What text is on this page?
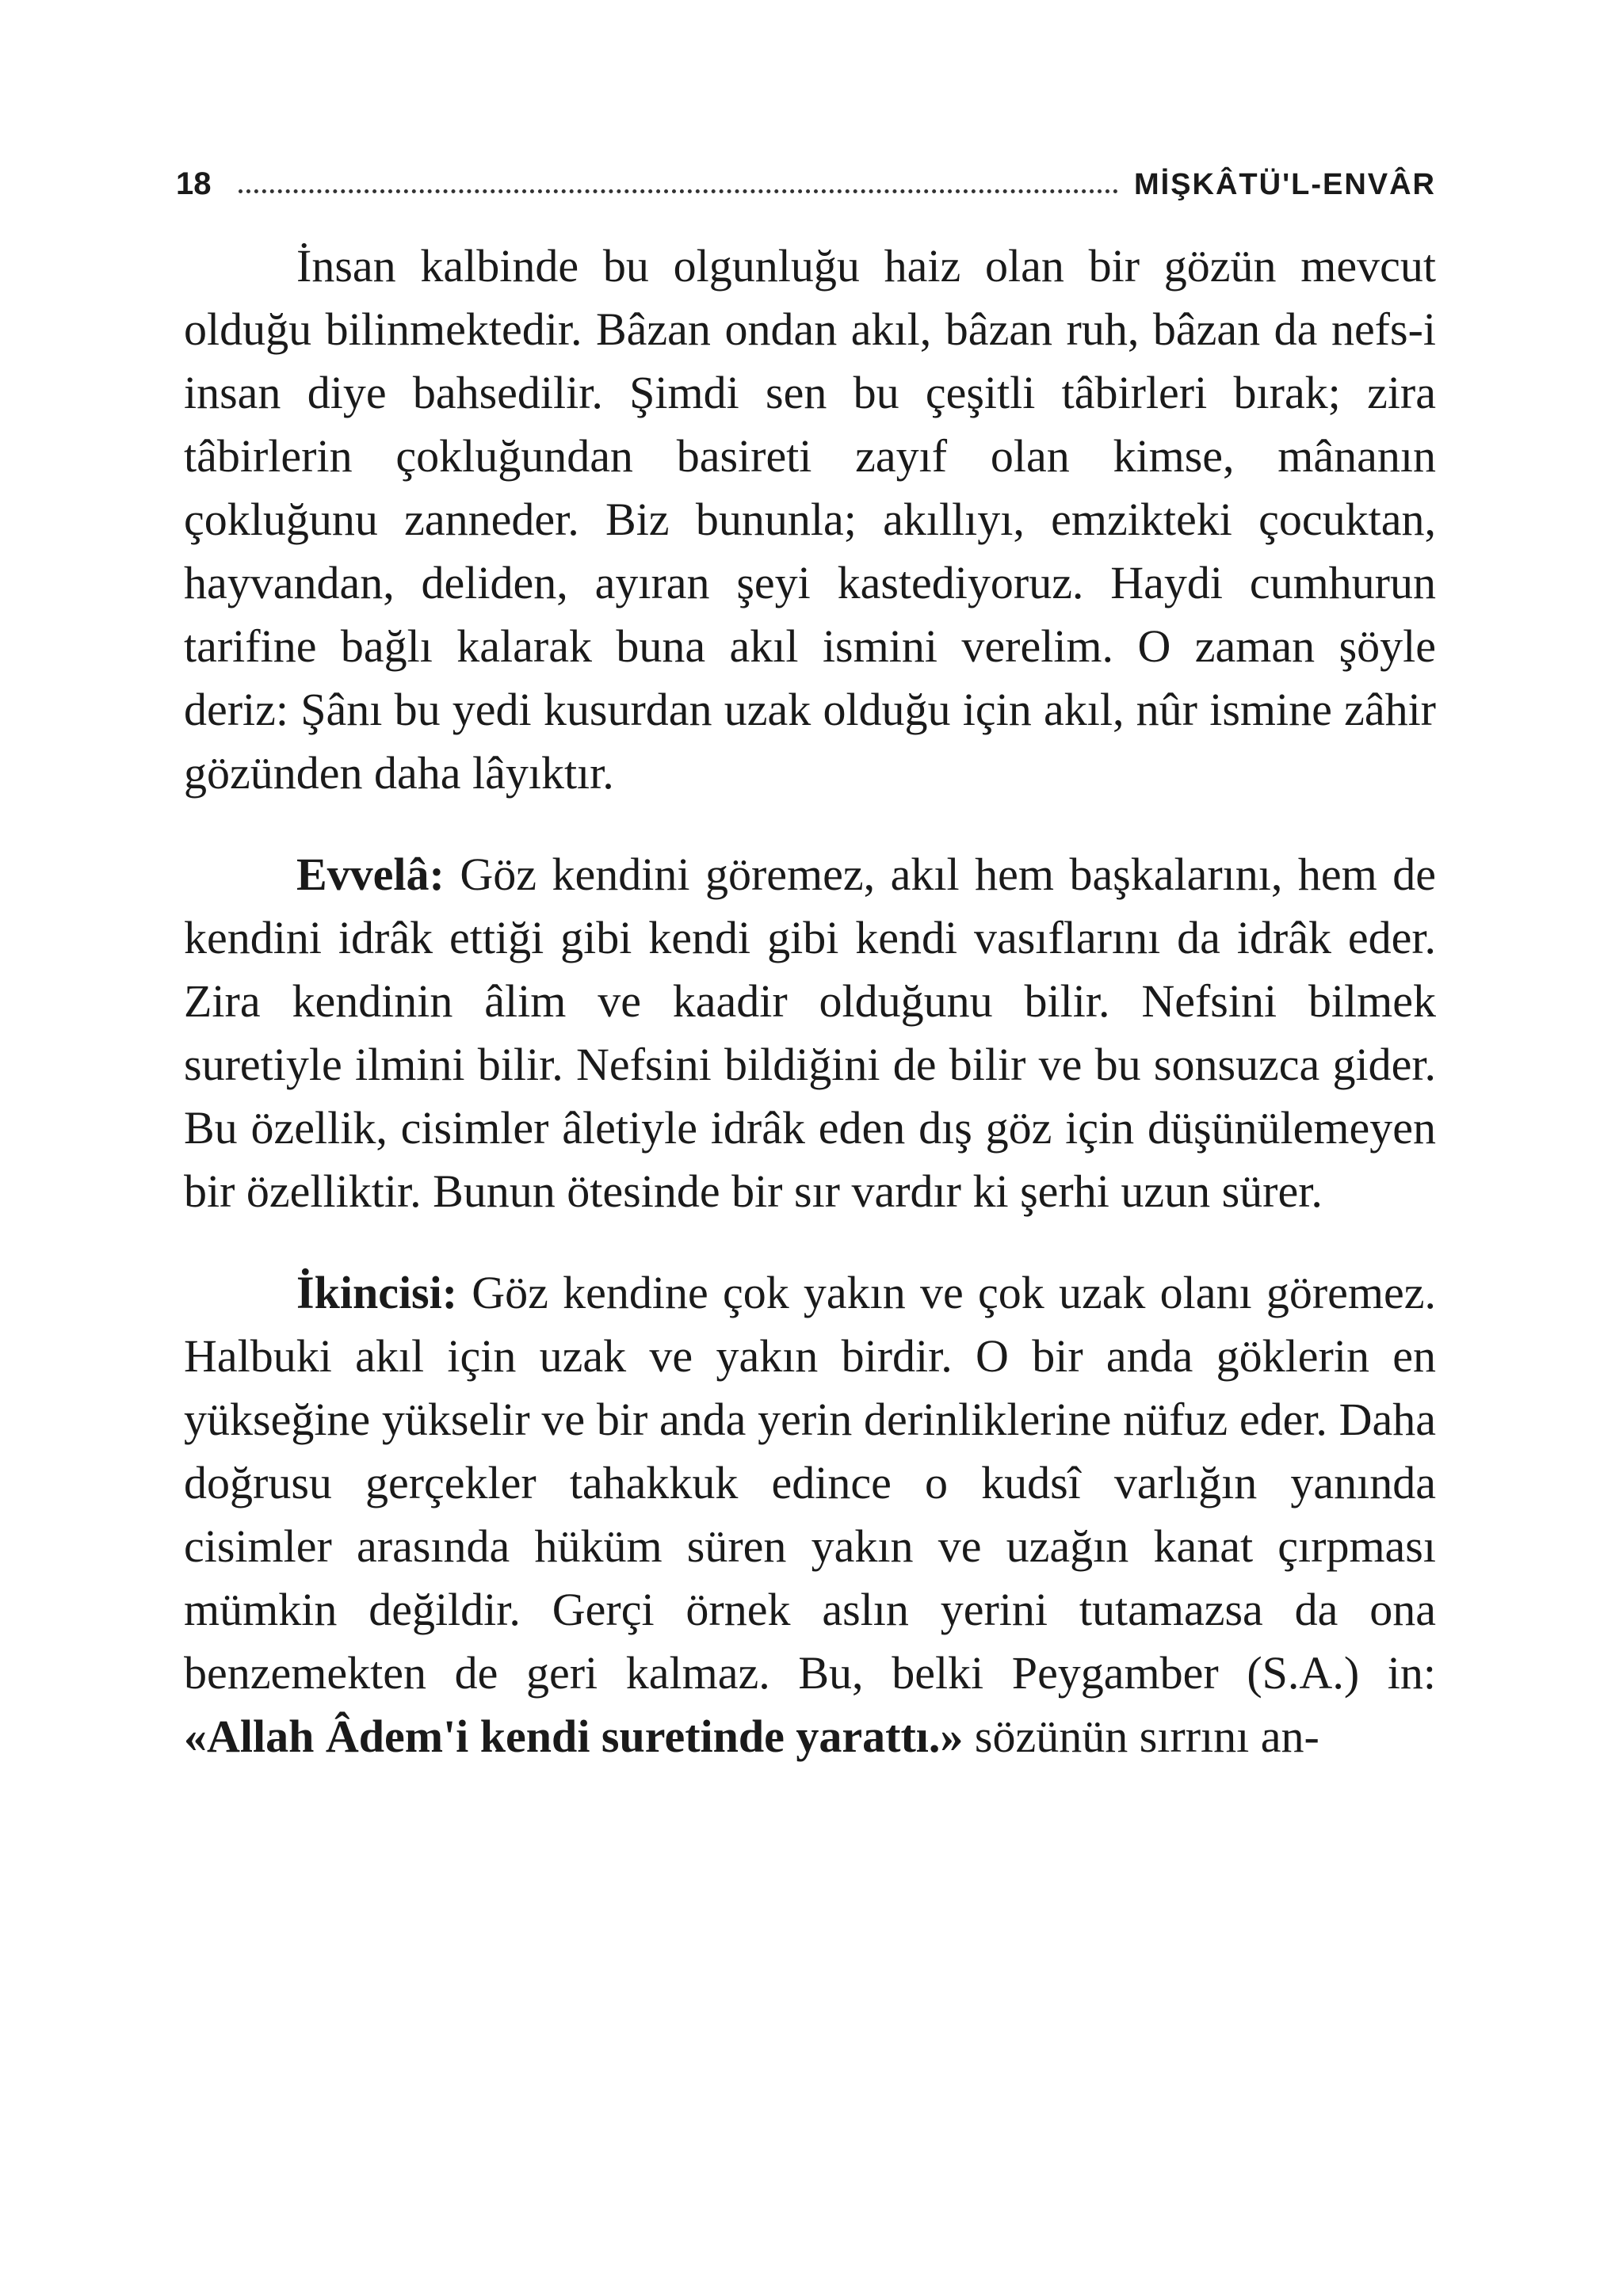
18	MİŞKÂTÜ'L-ENVÂR

İnsan kalbinde bu olgunluğu haiz olan bir gözün mevcut olduğu bilinmektedir. Bâzan ondan akıl, bâzan ruh, bâzan da nefs-i insan diye bahsedilir. Şimdi sen bu çeşitli tâbirleri bırak; zira tâbirlerin çokluğundan basireti zayıf olan kimse, mânanın çokluğunu zanneder. Biz bununla; akıllıyı, emzikteki çocuktan, hayvandan, deliden, ayıran şeyi kastediyoruz. Haydi cumhurun tarifine bağlı kalarak buna akıl ismini verelim. O zaman şöyle deriz: Şânı bu yedi kusurdan uzak olduğu için akıl, nûr ismine zâhir gözünden daha lâyıktır.

Evvelâ: Göz kendini göremez, akıl hem başkalarını, hem de kendini idrâk ettiği gibi kendi gibi kendi vasıflarını da idrâk eder. Zira kendinin âlim ve kaadir olduğunu bilir. Nefsini bilmek suretiyle ilmini bilir. Nefsini bildiğini de bilir ve bu sonsuzca gider. Bu özellik, cisimler âletiyle idrâk eden dış göz için düşünülemeyen bir özelliktir. Bunun ötesinde bir sır vardır ki şerhi uzun sürer.

İkincisi: Göz kendine çok yakın ve çok uzak olanı göremez. Halbuki akıl için uzak ve yakın birdir. O bir anda göklerin en yükseğine yükselir ve bir anda yerin derinliklerine nüfuz eder. Daha doğrusu gerçekler tahakkuk edince o kudsî varlığın yanında cisimler arasında hüküm süren yakın ve uzağın kanat çırpması mümkin değildir. Gerçi örnek aslın yerini tutamazsa da ona benzemekten de geri kalmaz. Bu, belki Peygamber (S.A.) in: «Allah Âdem'i kendi suretinde yarattı.» sözünün sırrını an-
